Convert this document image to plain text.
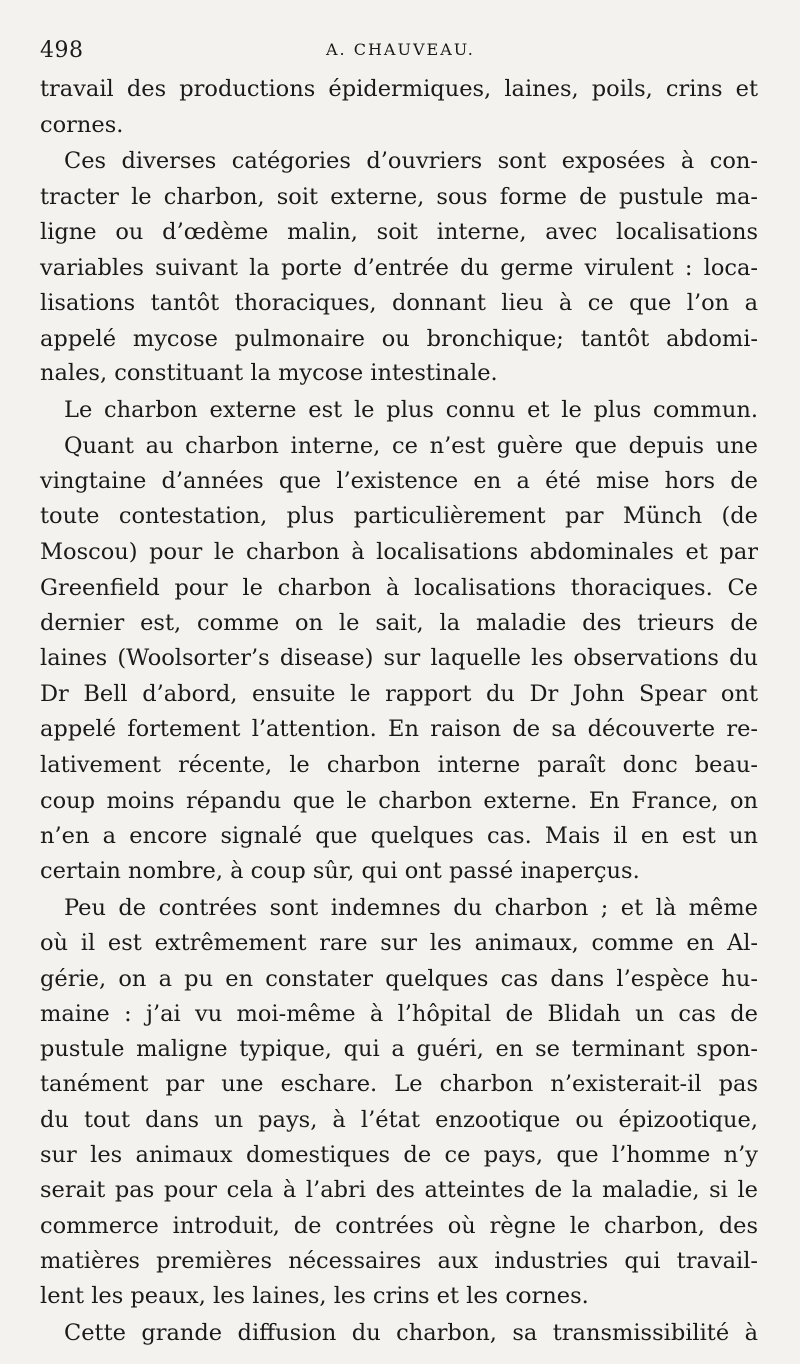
498	A. CHAUVEAU.
travail des productions épidermiques, laines, poils, crins et
cornes.
Ces diverses catégories d’ouvriers sont exposées à con-
tracter le charbon, soit externe, sous forme de pustule ma-
ligne ou d’œdème malin, soit interne, avec localisations
variables suivant la porte d’entrée du germe virulent : loca-
lisations tantôt thoraciques, donnant lieu à ce que l’on a
appelé mycose pulmonaire ou bronchique; tantôt abdomi-
nales, constituant la mycose intestinale.
Le charbon externe est le plus connu et le plus commun.
Quant au charbon interne, ce n’est guère que depuis une
vingtaine d’années que l’existence en a été mise hors de
toute contestation, plus particulièrement par Münch (de
Moscou) pour le charbon à localisations abdominales et par
Greenfield pour le charbon à localisations thoraciques. Ce
dernier est, comme on le sait, la maladie des trieurs de
laines (Woolsorter’s disease) sur laquelle les observations du
Dr Bell d’abord, ensuite le rapport du Dr John Spear ont
appelé fortement l’attention. En raison de sa découverte re-
lativement récente, le charbon interne paraît donc beau-
coup moins répandu que le charbon externe. En France, on
n’en a encore signalé que quelques cas. Mais il en est un
certain nombre, à coup sûr, qui ont passé inaperçus.
Peu de contrées sont indemnes du charbon ; et là même
où il est extrêmement rare sur les animaux, comme en Al-
gérie, on a pu en constater quelques cas dans l’espèce hu-
maine : j’ai vu moi-même à l’hôpital de Blidah un cas de
pustule maligne typique, qui a guéri, en se terminant spon-
tanément par une eschare. Le charbon n’existerait-il pas
du tout dans un pays, à l’état enzootique ou épizootique,
sur les animaux domestiques de ce pays, que l’homme n’y
serait pas pour cela à l’abri des atteintes de la maladie, si le
commerce introduit, de contrées où règne le charbon, des
matières premières nécessaires aux industries qui travail-
lent les peaux, les laines, les crins et les cornes.
Cette grande diffusion du charbon, sa transmissibilité à
